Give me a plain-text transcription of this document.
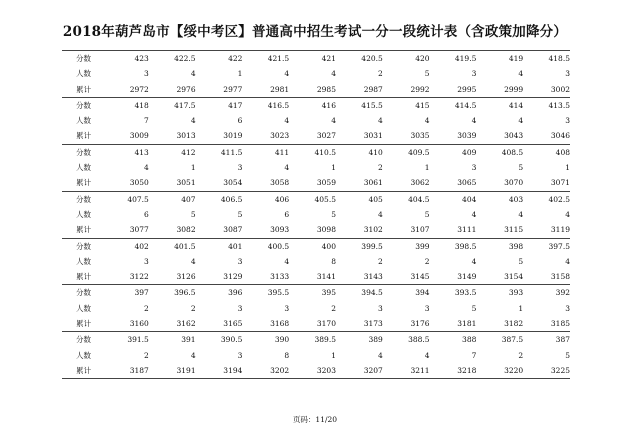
2018年葫芦岛市【绥中考区】普通高中招生考试一分一段统计表（含政策加降分）
分数	423	422.5	422	421.5	421	420.5	420	419.5	419	418.5
人数	3	4	1	4	4	2	5	3	4	3
累计	2972	2976	2977	2981	2985	2987	2992	2995	2999	3002
分数	418	417.5	417	416.5	416	415.5	415	414.5	414	413.5
人数	7	4	6	4	4	4	4	4	4	3
累计	3009	3013	3019	3023	3027	3031	3035	3039	3043	3046
分数	413	412	411.5	411	410.5	410	409.5	409	408.5	408
人数	4	1	3	4	1	2	1	3	5	1
累计	3050	3051	3054	3058	3059	3061	3062	3065	3070	3071
分数	407.5	407	406.5	406	405.5	405	404.5	404	403	402.5
人数	6	5	5	6	5	4	5	4	4	4
累计	3077	3082	3087	3093	3098	3102	3107	3111	3115	3119
分数	402	401.5	401	400.5	400	399.5	399	398.5	398	397.5
人数	3	4	3	4	8	2	2	4	5	4
累计	3122	3126	3129	3133	3141	3143	3145	3149	3154	3158
分数	397	396.5	396	395.5	395	394.5	394	393.5	393	392
人数	2	2	3	3	2	3	3	5	1	3
累计	3160	3162	3165	3168	3170	3173	3176	3181	3182	3185
分数	391.5	391	390.5	390	389.5	389	388.5	388	387.5	387
人数	2	4	3	8	1	4	4	7	2	5
累计	3187	3191	3194	3202	3203	3207	3211	3218	3220	3225
页码：11/20
